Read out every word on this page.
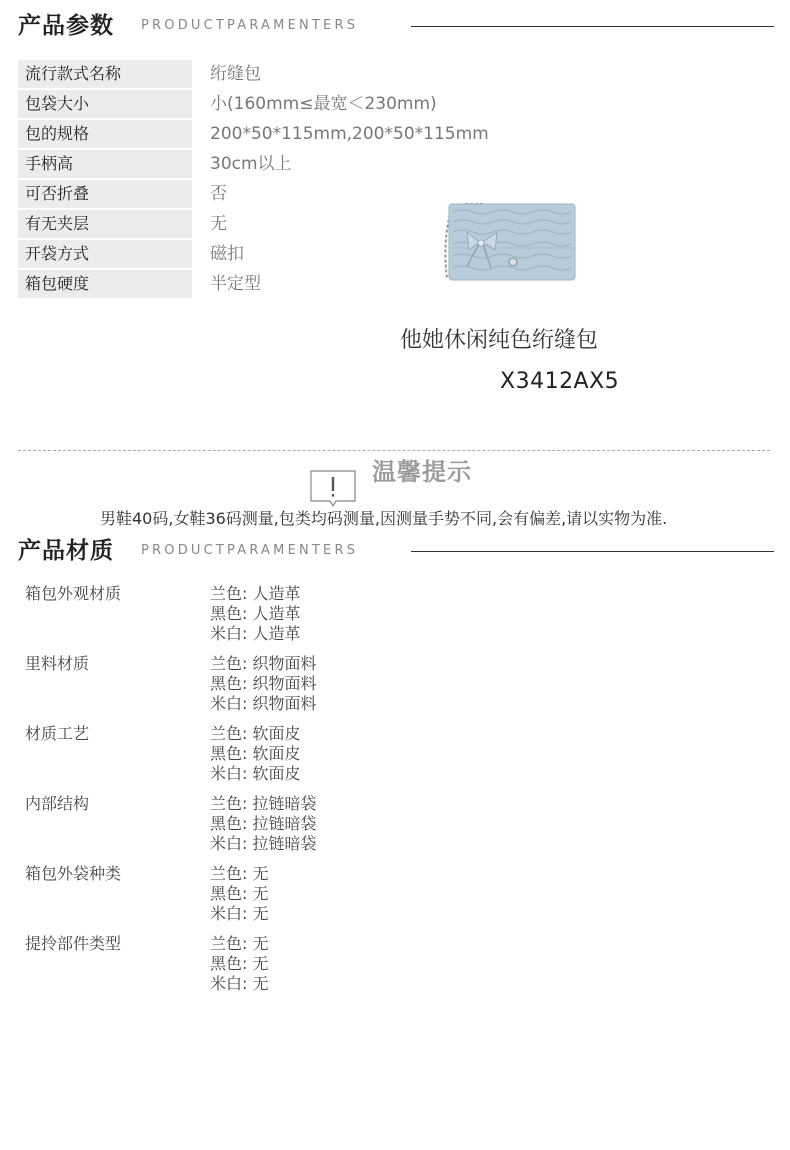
产品参数 PRODUCTPARAMENTERS
流行款式名称	绗缝包
包袋大小	小(160mm≤最宽＜230mm)
包的规格	200*50*115mm,200*50*115mm
手柄高	30cm以上
可否折叠	否
有无夹层	无
开袋方式	磁扣
箱包硬度	半定型
他她休闲纯色绗缝包
X3412AX5
温馨提示
男鞋40码,女鞋36码测量,包类均码测量,因测量手势不同,会有偏差,请以实物为准.
产品材质 PRODUCTPARAMENTERS
箱包外观材质	兰色: 人造革
黑色: 人造革
米白: 人造革
里料材质	兰色: 织物面料
黑色: 织物面料
米白: 织物面料
材质工艺	兰色: 软面皮
黑色: 软面皮
米白: 软面皮
内部结构	兰色: 拉链暗袋
黑色: 拉链暗袋
米白: 拉链暗袋
箱包外袋种类	兰色: 无
黑色: 无
米白: 无
提拎部件类型	兰色: 无
黑色: 无
米白: 无
